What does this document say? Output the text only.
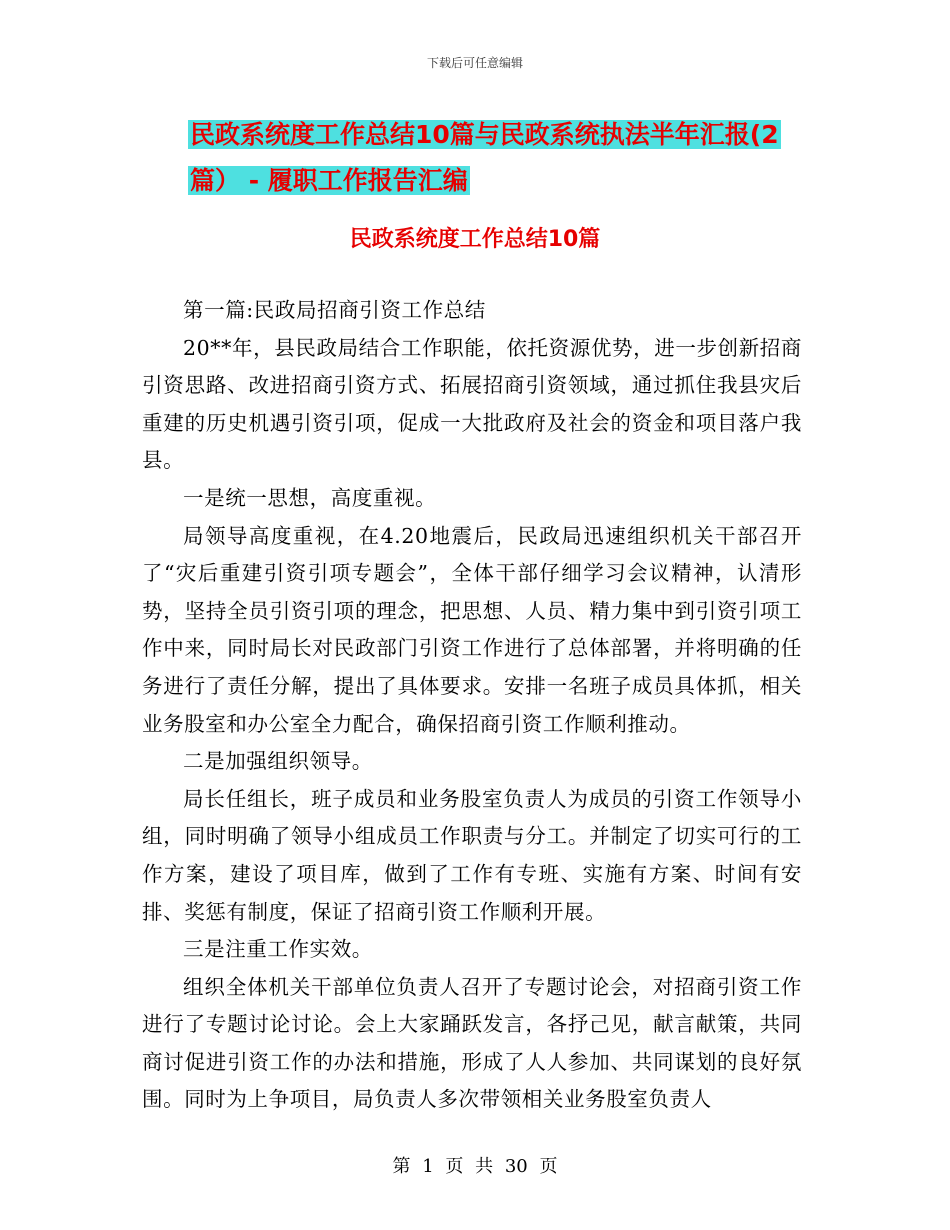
下载后可任意编辑
民政系统度工作总结10篇与民政系统执法半年汇报(2
篇） - 履职工作报告汇编
民政系统度工作总结10篇

第一篇:民政局招商引资工作总结

20**年，县民政局结合工作职能，依托资源优势，进一步创新招商引资思路、改进招商引资方式、拓展招商引资领域，通过抓住我县灾后重建的历史机遇引资引项，促成一大批政府及社会的资金和项目落户我县。

一是统一思想，高度重视。

局领导高度重视，在4.20地震后，民政局迅速组织机关干部召开了“灾后重建引资引项专题会”，全体干部仔细学习会议精神，认清形势，坚持全员引资引项的理念，把思想、人员、精力集中到引资引项工作中来，同时局长对民政部门引资工作进行了总体部署，并将明确的任务进行了责任分解，提出了具体要求。安排一名班子成员具体抓，相关业务股室和办公室全力配合，确保招商引资工作顺利推动。

二是加强组织领导。

局长任组长，班子成员和业务股室负责人为成员的引资工作领导小组，同时明确了领导小组成员工作职责与分工。并制定了切实可行的工作方案，建设了项目库，做到了工作有专班、实施有方案、时间有安排、奖惩有制度，保证了招商引资工作顺利开展。

三是注重工作实效。

组织全体机关干部单位负责人召开了专题讨论会，对招商引资工作进行了专题讨论讨论。会上大家踊跃发言，各抒己见，献言献策，共同商讨促进引资工作的办法和措施，形成了人人参加、共同谋划的良好氛围。同时为上争项目，局负责人多次带领相关业务股室负责人

第 1 页 共 30 页
